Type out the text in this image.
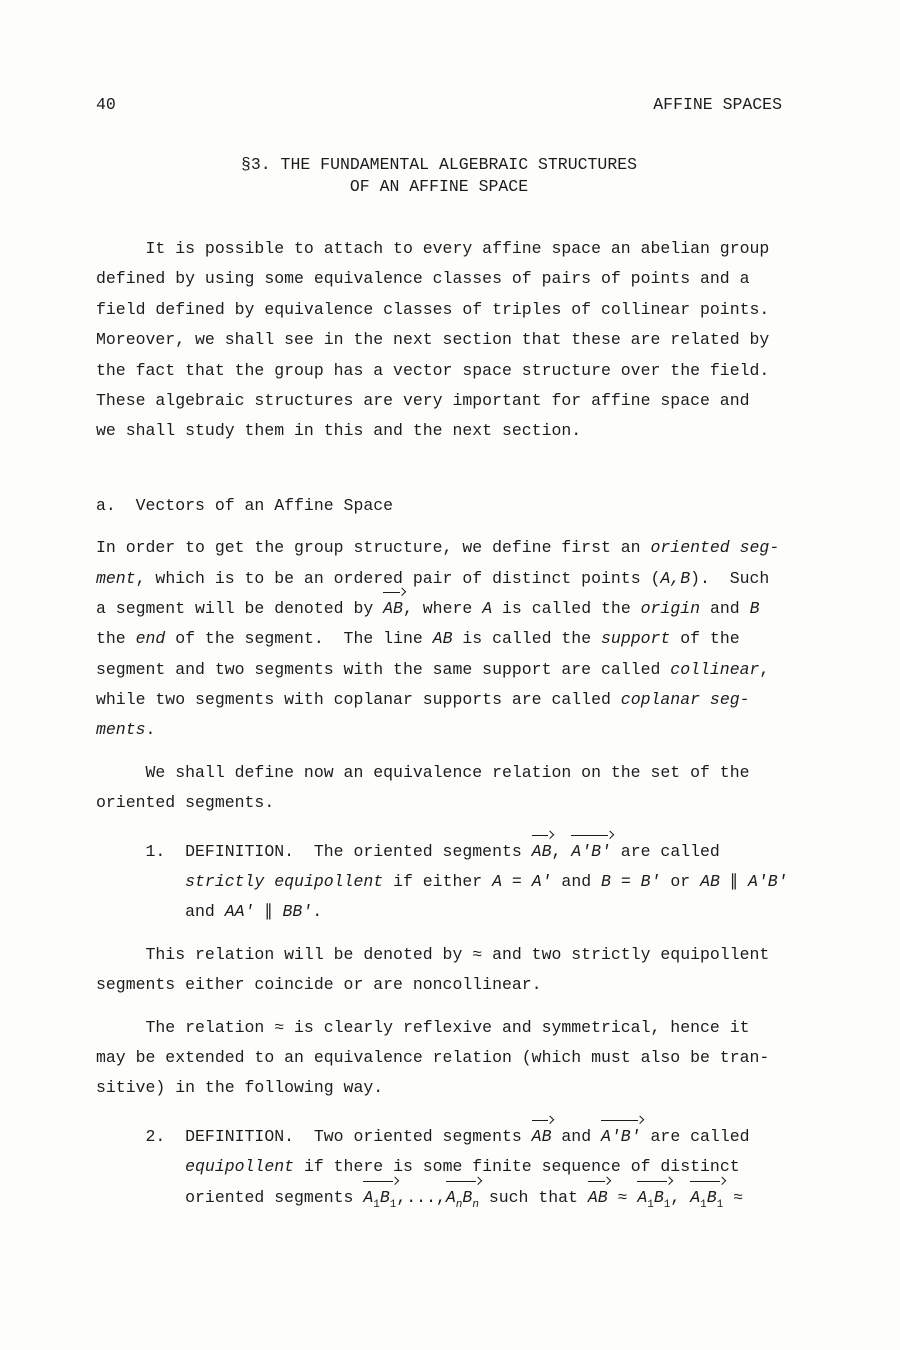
40	AFFINE SPACES
§3. THE FUNDAMENTAL ALGEBRAIC STRUCTURES
OF AN AFFINE SPACE
It is possible to attach to every affine space an abelian group
defined by using some equivalence classes of pairs of points and a
field defined by equivalence classes of triples of collinear points.
Moreover, we shall see in the next section that these are related by
the fact that the group has a vector space structure over the field.
These algebraic structures are very important for affine space and
we shall study them in this and the next section.
a.  Vectors of an Affine Space
In order to get the group structure, we define first an oriented seg-
ment, which is to be an ordered pair of distinct points (A,B).  Such
a segment will be denoted by AB, where A is called the origin and B
the end of the segment.  The line AB is called the support of the
segment and two segments with the same support are called collinear,
while two segments with coplanar supports are called coplanar seg-
ments.
We shall define now an equivalence relation on the set of the
oriented segments.
1.  DEFINITION.  The oriented segments AB, A'B' are called
strictly equipollent if either A = A' and B = B' or AB ∥ A'B'
and AA' ∥ BB'.
This relation will be denoted by ≈ and two strictly equipollent
segments either coincide or are noncollinear.
The relation ≈ is clearly reflexive and symmetrical, hence it
may be extended to an equivalence relation (which must also be tran-
sitive) in the following way.
2.  DEFINITION.  Two oriented segments AB and A'B' are called
equipollent if there is some finite sequence of distinct
oriented segments $A_1B_1,...,A_nB_n$ such that AB ≈ $A_1B_1$, $A_1B_1$ ≈
